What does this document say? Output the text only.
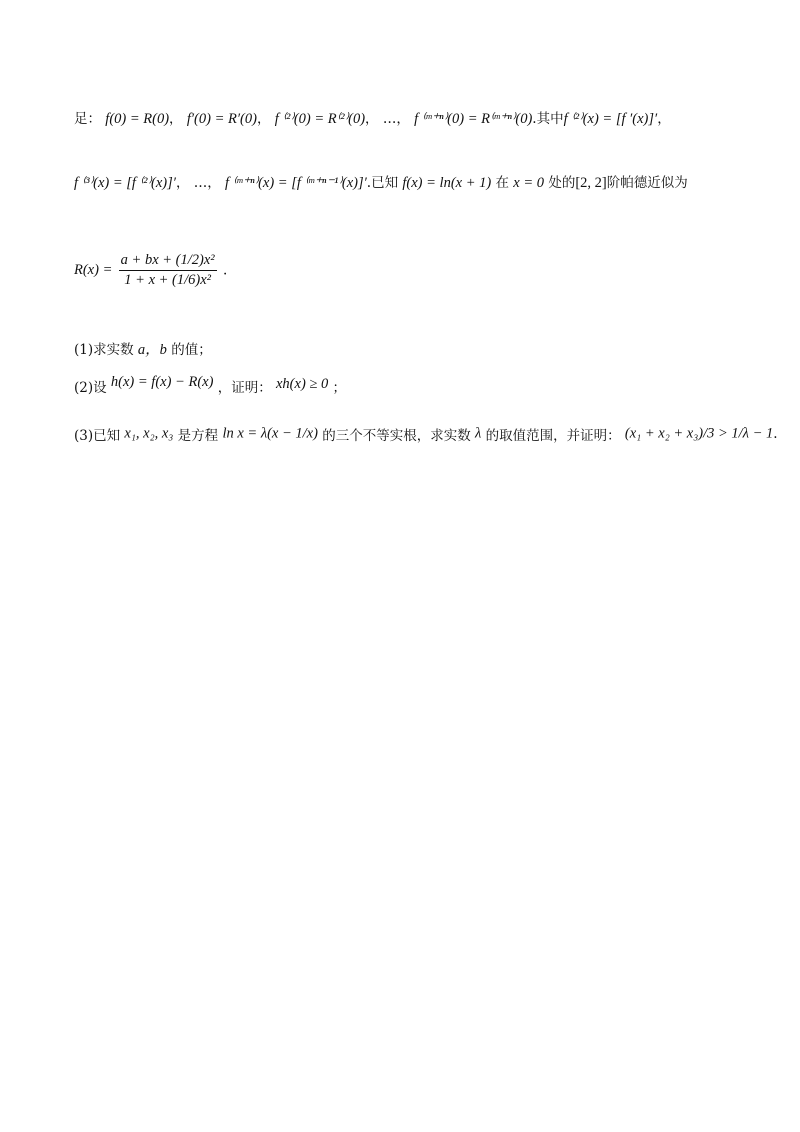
足： f(0) = R(0)， f′(0) = R′(0)， f ⁽²⁾(0) = R⁽²⁾(0)， …， f ⁽ᵐ⁺ⁿ⁾(0) = R⁽ᵐ⁺ⁿ⁾(0).其中f ⁽²⁾(x) = [f ′(x)]′，
f ⁽³⁾(x) = [f ⁽²⁾(x)]′， …， f ⁽ᵐ⁺ⁿ⁾(x) = [f ⁽ᵐ⁺ⁿ⁻¹⁾(x)]′.已知 f(x) = ln(x + 1) 在 x = 0 处的[2, 2]阶帕德近似为
$R(x) = \frac{\text{a + bx + (1/2)x²}}{\text{1 + x + (1/6)x²}}$ .
(1)求实数 a，b 的值；
(2)设 h(x) = f(x) − R(x) ，证明： xh(x) ≥ 0 ；
(3)已知 x₁, x₂, x₃ 是方程 ln x = λ(x − 1/x) 的三个不等实根，求实数 λ 的取值范围，并证明： (x₁ + x₂ + x₃)/3 > 1/λ − 1.
